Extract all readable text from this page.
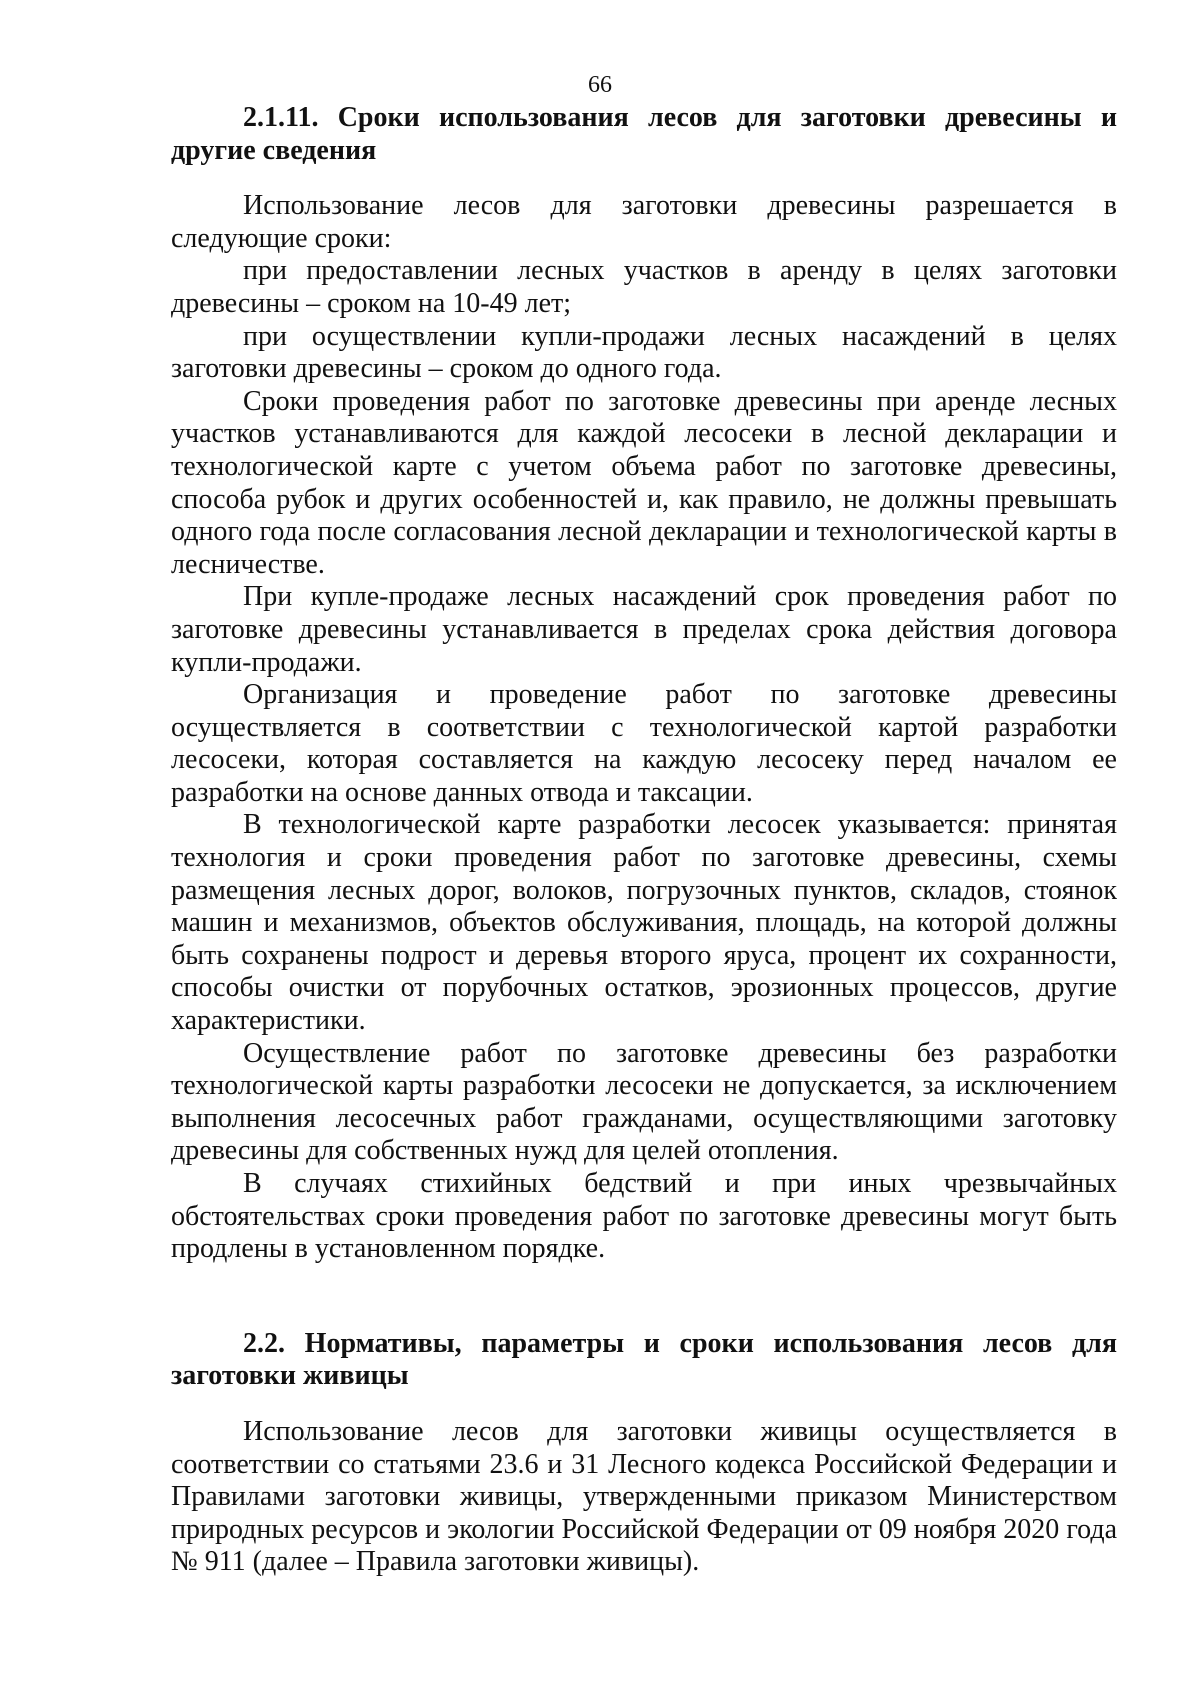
66

2.1.11. Сроки использования лесов для заготовки древесины и другие сведения

Использование лесов для заготовки древесины разрешается в следующие сроки:

при предоставлении лесных участков в аренду в целях заготовки древесины – сроком на 10-49 лет;

при осуществлении купли-продажи лесных насаждений в целях заготовки древесины – сроком до одного года.

Сроки проведения работ по заготовке древесины при аренде лесных участков устанавливаются для каждой лесосеки в лесной декларации и технологической карте с учетом объема работ по заготовке древесины, способа рубок и других особенностей и, как правило, не должны превышать одного года после согласования лесной декларации и технологической карты в лесничестве.

При купле-продаже лесных насаждений срок проведения работ по заготовке древесины устанавливается в пределах срока действия договора купли-продажи.

Организация и проведение работ по заготовке древесины осуществляется в соответствии с технологической картой разработки лесосеки, которая составляется на каждую лесосеку перед началом ее разработки на основе данных отвода и таксации.

В технологической карте разработки лесосек указывается: принятая технология и сроки проведения работ по заготовке древесины, схемы размещения лесных дорог, волоков, погрузочных пунктов, складов, стоянок машин и механизмов, объектов обслуживания, площадь, на которой должны быть сохранены подрост и деревья второго яруса, процент их сохранности, способы очистки от порубочных остатков, эрозионных процессов, другие характеристики.

Осуществление работ по заготовке древесины без разработки технологической карты разработки лесосеки не допускается, за исключением выполнения лесосечных работ гражданами, осуществляющими заготовку древесины для собственных нужд для целей отопления.

В случаях стихийных бедствий и при иных чрезвычайных обстоятельствах сроки проведения работ по заготовке древесины могут быть продлены в установленном порядке.

2.2. Нормативы, параметры и сроки использования лесов для заготовки живицы

Использование лесов для заготовки живицы осуществляется в соответствии со статьями 23.6 и 31 Лесного кодекса Российской Федерации и Правилами заготовки живицы, утвержденными приказом Министерством природных ресурсов и экологии Российской Федерации от 09 ноября 2020 года № 911 (далее – Правила заготовки живицы).
